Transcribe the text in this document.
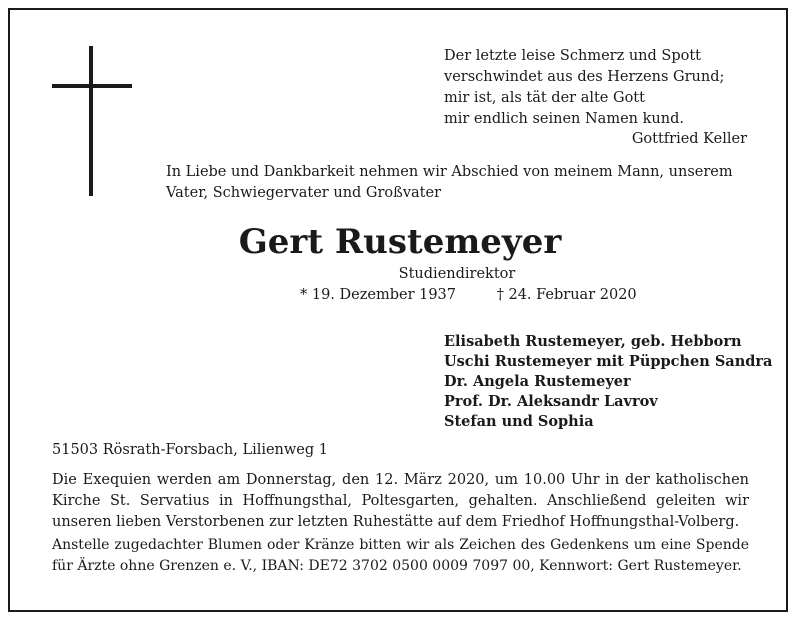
Der letzte leise Schmerz und Spott
verschwindet aus des Herzens Grund;
mir ist, als tät der alte Gott
mir endlich seinen Namen kund.
Gottfried Keller
In Liebe und Dankbarkeit nehmen wir Abschied von meinem Mann, unserem
Vater, Schwiegervater und Großvater
Gert Rustemeyer
Studiendirektor
* 19. Dezember 1937	† 24. Februar 2020
Elisabeth Rustemeyer, geb. Hebborn
Uschi Rustemeyer mit Püppchen Sandra
Dr. Angela Rustemeyer
Prof. Dr. Aleksandr Lavrov
Stefan und Sophia
51503 Rösrath-Forsbach, Lilienweg 1
Die Exequien werden am Donnerstag, den 12. März 2020, um 10.00 Uhr in der katholischen
Kirche St. Servatius in Hoffnungsthal, Poltesgarten, gehalten. Anschließend geleiten wir
unseren lieben Verstorbenen zur letzten Ruhestätte auf dem Friedhof Hoffnungsthal-Volberg.
Anstelle zugedachter Blumen oder Kränze bitten wir als Zeichen des Gedenkens um eine Spende
für Ärzte ohne Grenzen e. V., IBAN: DE72 3702 0500 0009 7097 00, Kennwort: Gert Rustemeyer.
